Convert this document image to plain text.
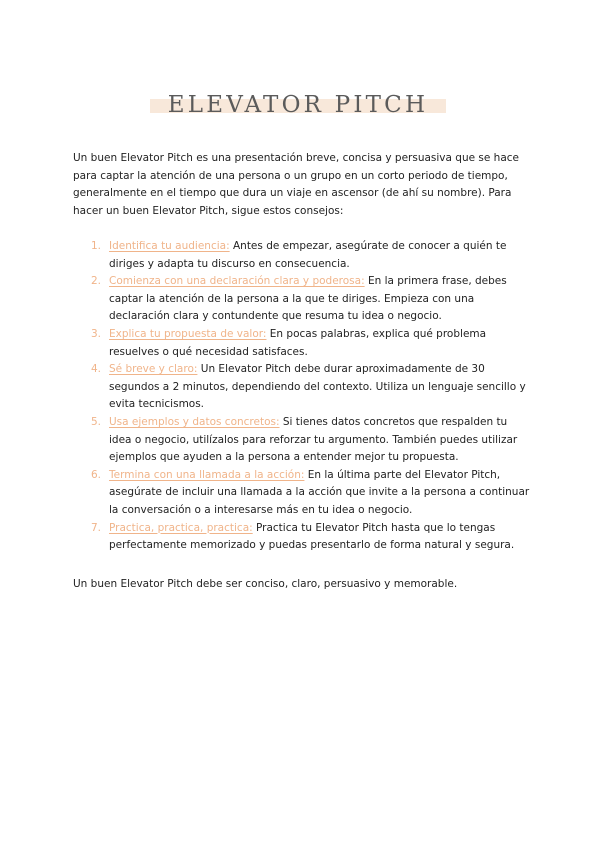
ELEVATOR PITCH

Un buen Elevator Pitch es una presentación breve, concisa y persuasiva que se hace para captar la atención de una persona o un grupo en un corto periodo de tiempo, generalmente en el tiempo que dura un viaje en ascensor (de ahí su nombre). Para hacer un buen Elevator Pitch, sigue estos consejos:

1. Identifica tu audiencia: Antes de empezar, asegúrate de conocer a quién te diriges y adapta tu discurso en consecuencia.
2. Comienza con una declaración clara y poderosa: En la primera frase, debes captar la atención de la persona a la que te diriges. Empieza con una declaración clara y contundente que resuma tu idea o negocio.
3. Explica tu propuesta de valor: En pocas palabras, explica qué problema resuelves o qué necesidad satisfaces.
4. Sé breve y claro: Un Elevator Pitch debe durar aproximadamente de 30 segundos a 2 minutos, dependiendo del contexto. Utiliza un lenguaje sencillo y evita tecnicismos.
5. Usa ejemplos y datos concretos: Si tienes datos concretos que respalden tu idea o negocio, utilízalos para reforzar tu argumento. También puedes utilizar ejemplos que ayuden a la persona a entender mejor tu propuesta.
6. Termina con una llamada a la acción: En la última parte del Elevator Pitch, asegúrate de incluir una llamada a la acción que invite a la persona a continuar la conversación o a interesarse más en tu idea o negocio.
7. Practica, practica, practica: Practica tu Elevator Pitch hasta que lo tengas perfectamente memorizado y puedas presentarlo de forma natural y segura.

Un buen Elevator Pitch debe ser conciso, claro, persuasivo y memorable.
